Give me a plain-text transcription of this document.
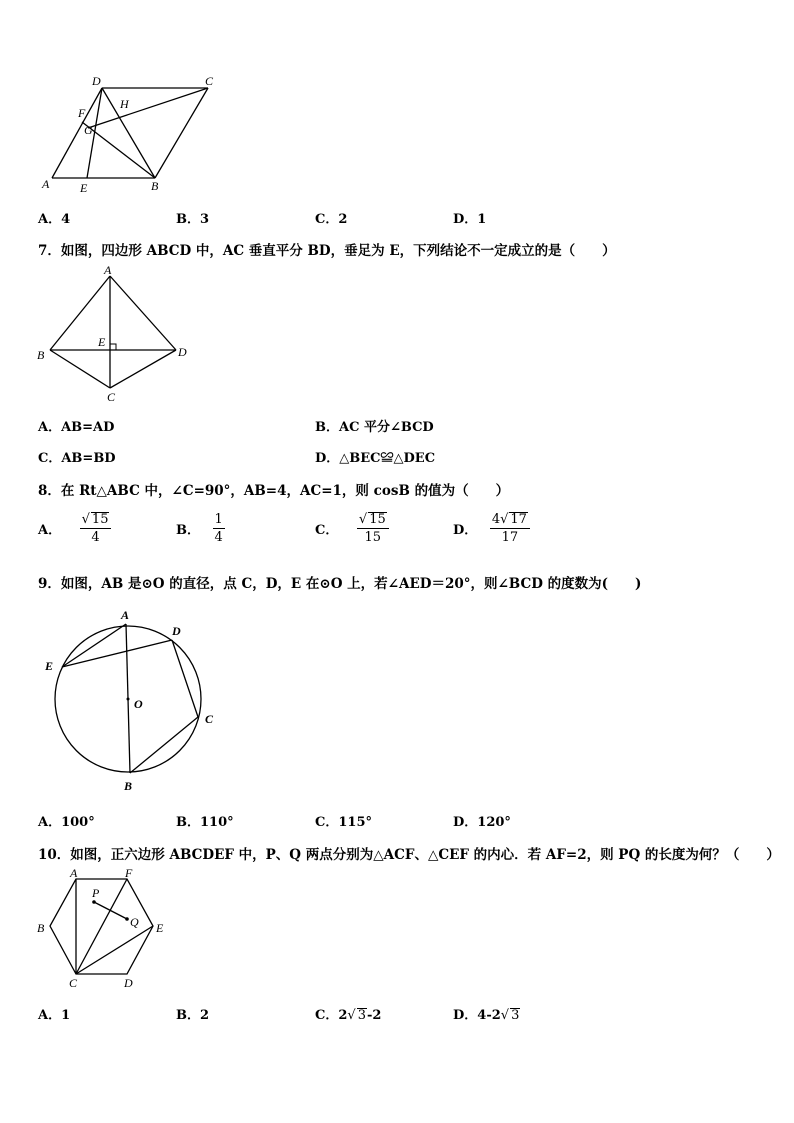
D	C
H
F
G
A	E	B
A．4	B．3	C．2	D．1
7．如图，四边形 ABCD 中，AC 垂直平分 BD，垂足为 E，下列结论不一定成立的是（　　）
A
B
E
D
C
A．AB=AD	B．AC 平分∠BCD
C．AB=BD	D．△BEC≌△DEC
8．在 Rt△ABC 中，∠C=90°，AB=4，AC=1，则 cosB 的值为（　　）
A． $\frac{√ 15}{4}$	B． $\frac{1}{4}$	C． $\frac{√ 15}{15}$	D． $\frac{4√ 17}{17}$
9．如图，AB 是⊙O 的直径，点 C，D，E 在⊙O 上，若∠AED＝20°，则∠BCD 的度数为(　　)
A
D
E
O
C
B
A．100°	B．110°	C．115°	D．120°
10．如图，正六边形 ABCDEF 中，P、Q 两点分别为△ACF、△CEF 的内心．若 AF=2，则 PQ 的长度为何？（　　）
A	F
P
B	Q E
C	D
A．1	B．2	C．2√ 3-2	D．4-2√ 3
